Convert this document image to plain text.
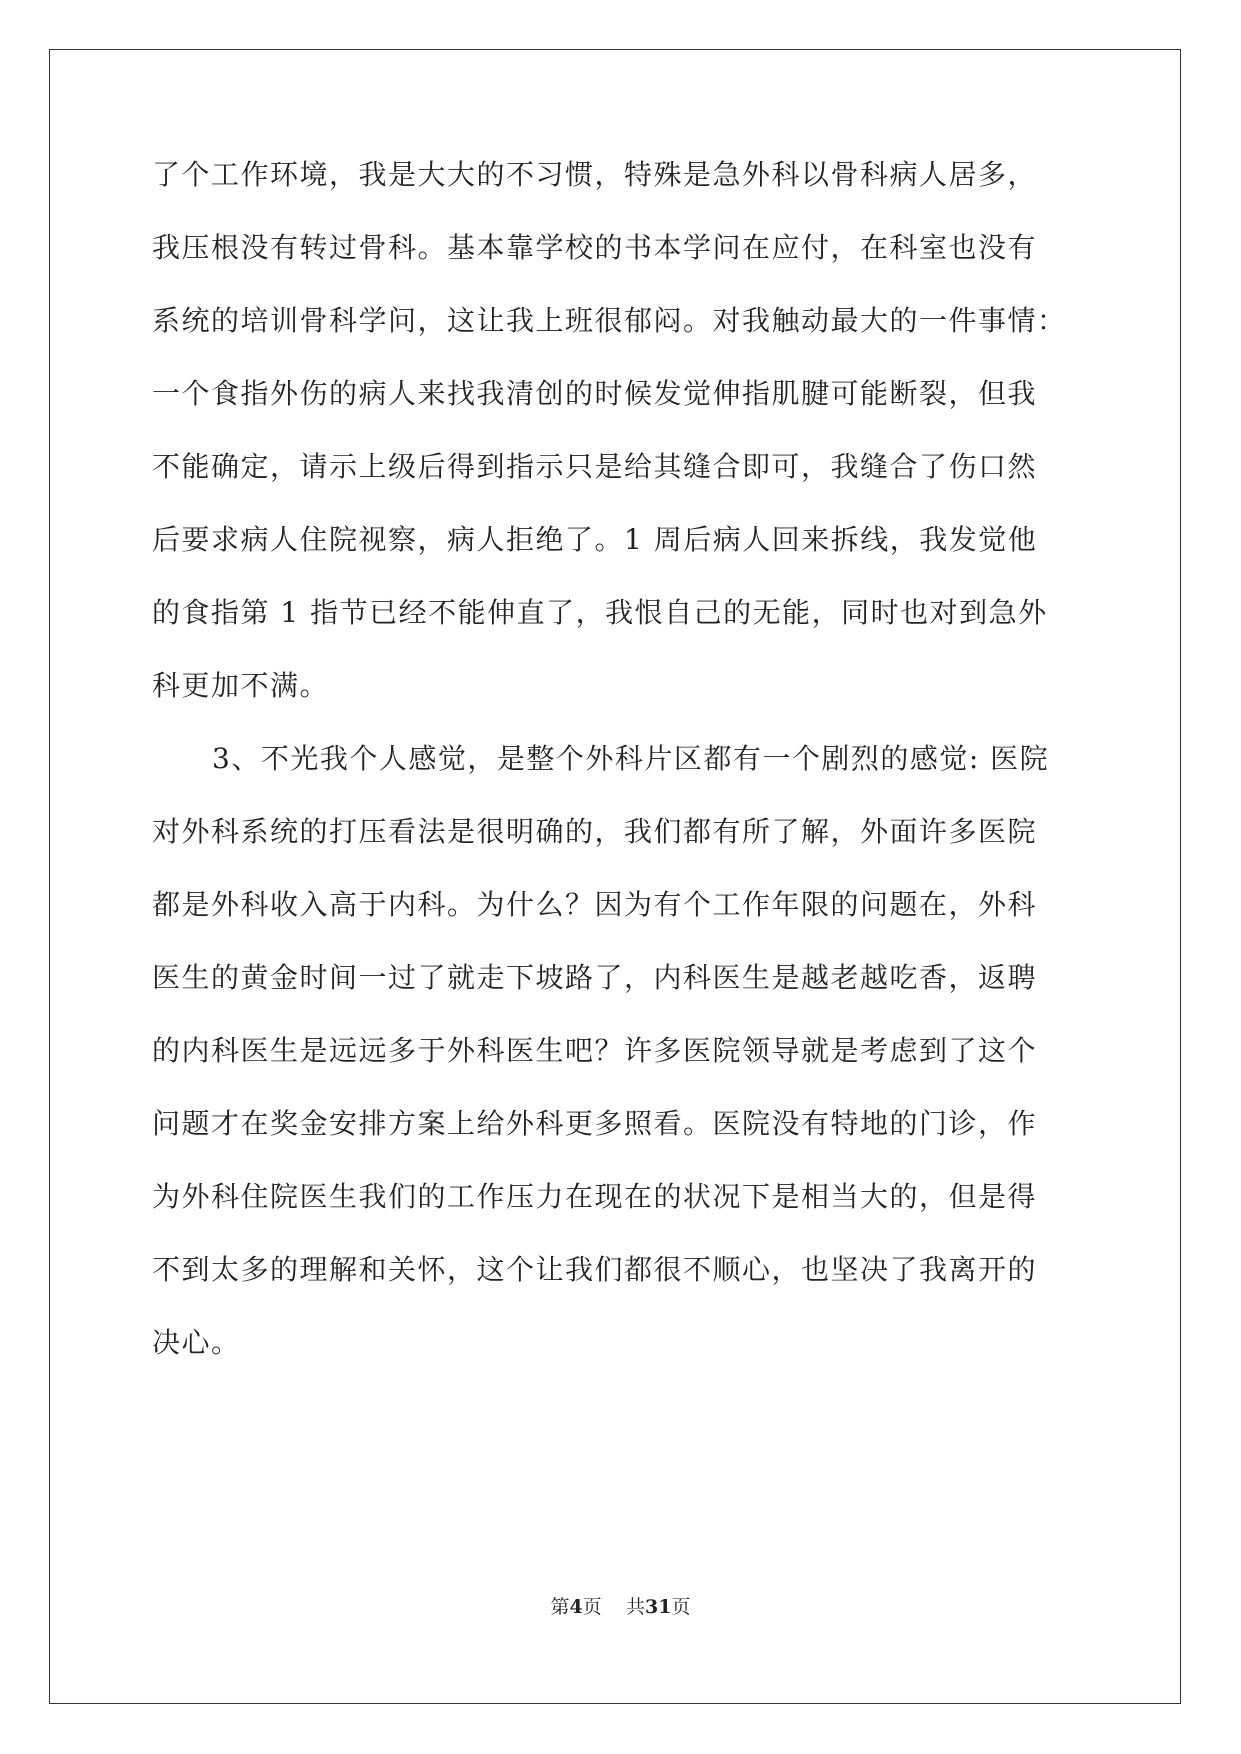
了个工作环境，我是大大的不习惯，特殊是急外科以骨科病人居多，
我压根没有转过骨科。基本靠学校的书本学问在应付，在科室也没有
系统的培训骨科学问，这让我上班很郁闷。对我触动最大的一件事情：
一个食指外伤的病人来找我清创的时候发觉伸指肌腱可能断裂，但我
不能确定，请示上级后得到指示只是给其缝合即可，我缝合了伤口然
后要求病人住院视察，病人拒绝了。1 周后病人回来拆线，我发觉他
的食指第 1 指节已经不能伸直了，我恨自己的无能，同时也对到急外
科更加不满。
3、不光我个人感觉，是整个外科片区都有一个剧烈的感觉: 医院
对外科系统的打压看法是很明确的，我们都有所了解，外面许多医院
都是外科收入高于内科。为什么？因为有个工作年限的问题在，外科
医生的黄金时间一过了就走下坡路了，内科医生是越老越吃香，返聘
的内科医生是远远多于外科医生吧？许多医院领导就是考虑到了这个
问题才在奖金安排方案上给外科更多照看。医院没有特地的门诊，作
为外科住院医生我们的工作压力在现在的状况下是相当大的，但是得
不到太多的理解和关怀，这个让我们都很不顺心，也坚决了我离开的
决心。
第4页 共31页
